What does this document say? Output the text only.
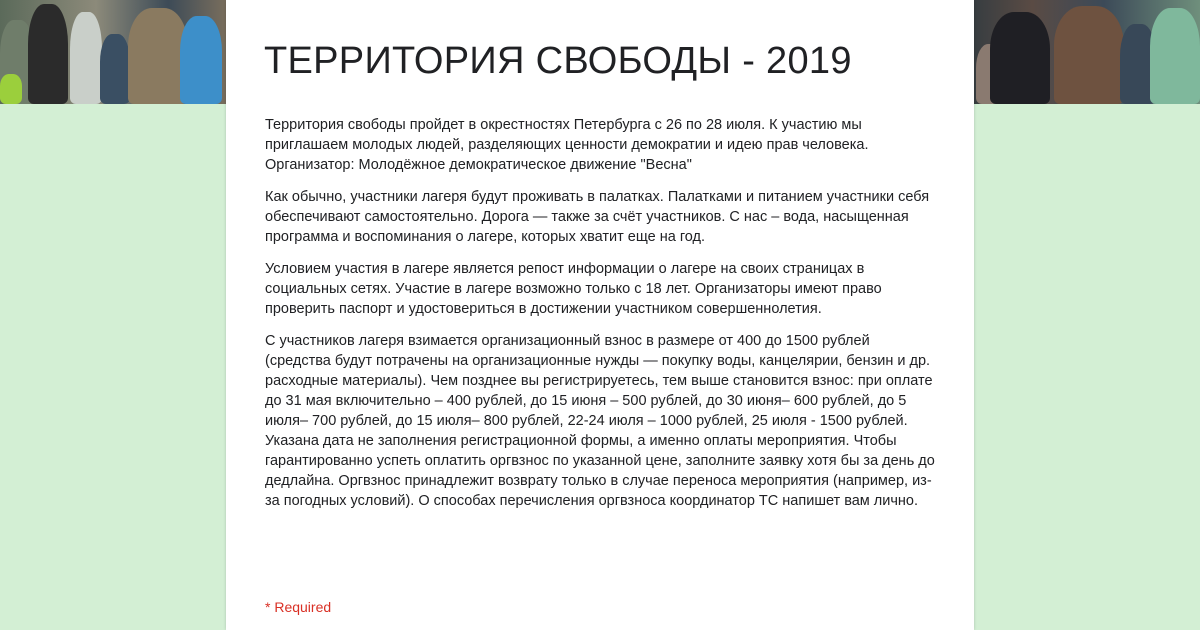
ТЕРРИТОРИЯ СВОБОДЫ - 2019

Территория свободы пройдет в окрестностях Петербурга с 26 по 28 июля. К участию мы приглашаем молодых людей, разделяющих ценности демократии и идею прав человека. Организатор: Молодёжное демократическое движение "Весна"

Как обычно, участники лагеря будут проживать в палатках. Палатками и питанием участники себя обеспечивают самостоятельно. Дорога — также за счёт участников. С нас – вода, насыщенная программа и воспоминания о лагере, которых хватит еще на год.

Условием участия в лагере является репост информации о лагере на своих страницах в социальных сетях. Участие в лагере возможно только с 18 лет. Организаторы имеют право проверить паспорт и удостовериться в достижении участником совершеннолетия.

С участников лагеря взимается организационный взнос в размере от 400 до 1500 рублей (средства будут потрачены на организационные нужды — покупку воды, канцелярии, бензин и др. расходные материалы). Чем позднее вы регистрируетесь, тем выше становится взнос: при оплате до 31 мая включительно – 400 рублей, до 15 июня – 500 рублей, до 30 июня– 600 рублей, до 5 июля– 700 рублей, до 15 июля– 800 рублей, 22-24 июля – 1000 рублей, 25 июля - 1500 рублей. Указана дата не заполнения регистрационной формы, а именно оплаты мероприятия. Чтобы гарантированно успеть оплатить оргвзнос по указанной цене, заполните заявку хотя бы за день до дедлайна. Оргвзнос принадлежит возврату только в случае переноса мероприятия (например, из-за погодных условий). О способах перечисления оргвзноса координатор ТС напишет вам лично.

* Required
